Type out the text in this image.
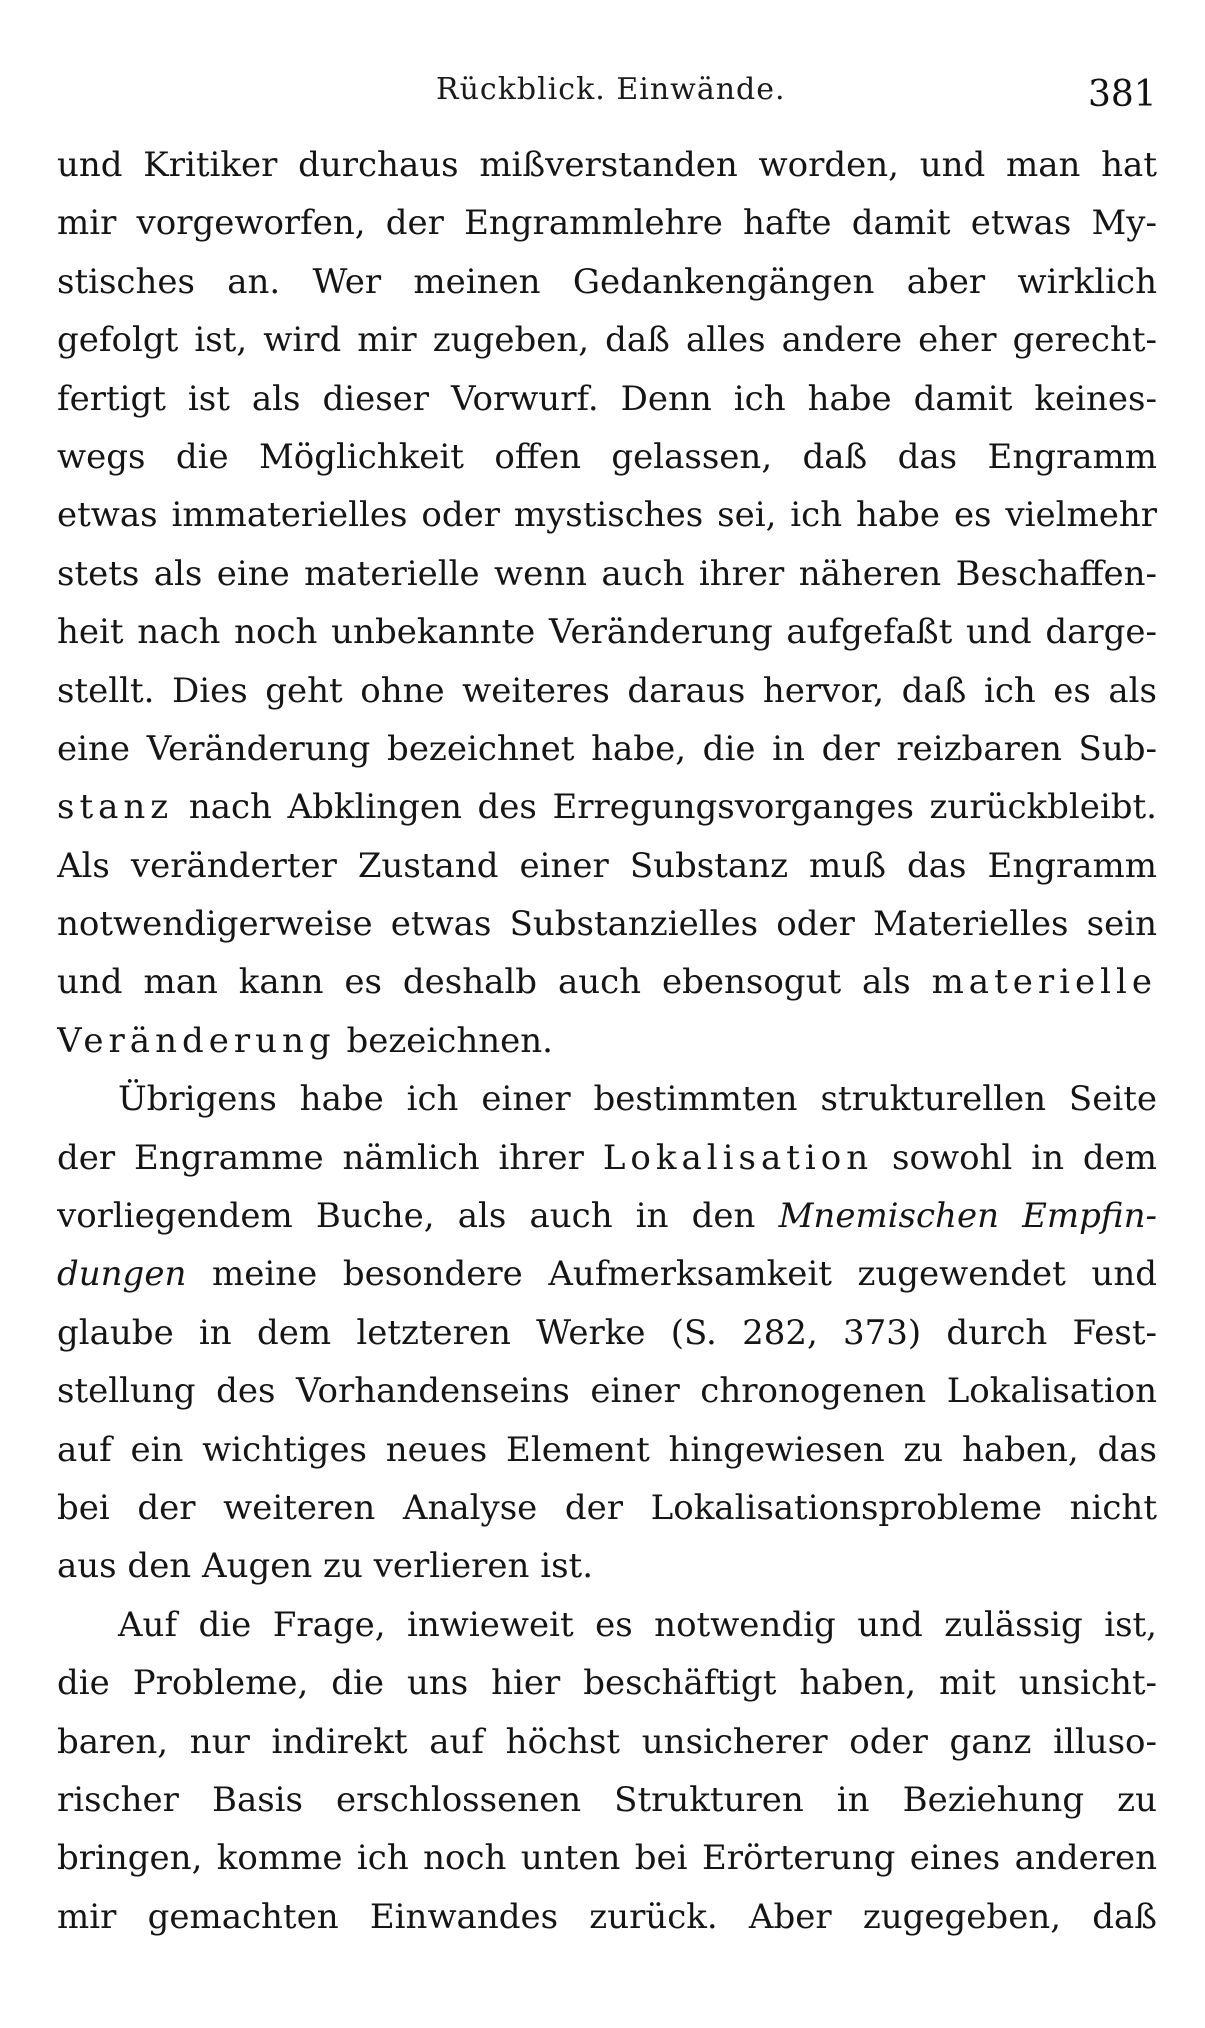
Rückblick. Einwände.	381
und Kritiker durchaus mißverstanden worden, und man hat
mir vorgeworfen, der Engrammlehre hafte damit etwas My-
stisches an. Wer meinen Gedankengängen aber wirklich
gefolgt ist, wird mir zugeben, daß alles andere eher gerecht-
fertigt ist als dieser Vorwurf. Denn ich habe damit keines-
wegs die Möglichkeit offen gelassen, daß das Engramm
etwas immaterielles oder mystisches sei, ich habe es vielmehr
stets als eine materielle wenn auch ihrer näheren Beschaffen-
heit nach noch unbekannte Veränderung aufgefaßt und darge-
stellt. Dies geht ohne weiteres daraus hervor, daß ich es als
eine Veränderung bezeichnet habe, die in der reizbaren Sub-
stanz nach Abklingen des Erregungsvorganges zurückbleibt.
Als veränderter Zustand einer Substanz muß das Engramm
notwendigerweise etwas Substanzielles oder Materielles sein
und man kann es deshalb auch ebensogut als materielle
Veränderung bezeichnen.
Übrigens habe ich einer bestimmten strukturellen Seite
der Engramme nämlich ihrer Lokalisation sowohl in dem
vorliegendem Buche, als auch in den Mnemischen Empfin-
dungen meine besondere Aufmerksamkeit zugewendet und
glaube in dem letzteren Werke (S. 282, 373) durch Fest-
stellung des Vorhandenseins einer chronogenen Lokalisation
auf ein wichtiges neues Element hingewiesen zu haben, das
bei der weiteren Analyse der Lokalisationsprobleme nicht
aus den Augen zu verlieren ist.
Auf die Frage, inwieweit es notwendig und zulässig ist,
die Probleme, die uns hier beschäftigt haben, mit unsicht-
baren, nur indirekt auf höchst unsicherer oder ganz illuso-
rischer Basis erschlossenen Strukturen in Beziehung zu
bringen, komme ich noch unten bei Erörterung eines anderen
mir gemachten Einwandes zurück. Aber zugegeben, daß
